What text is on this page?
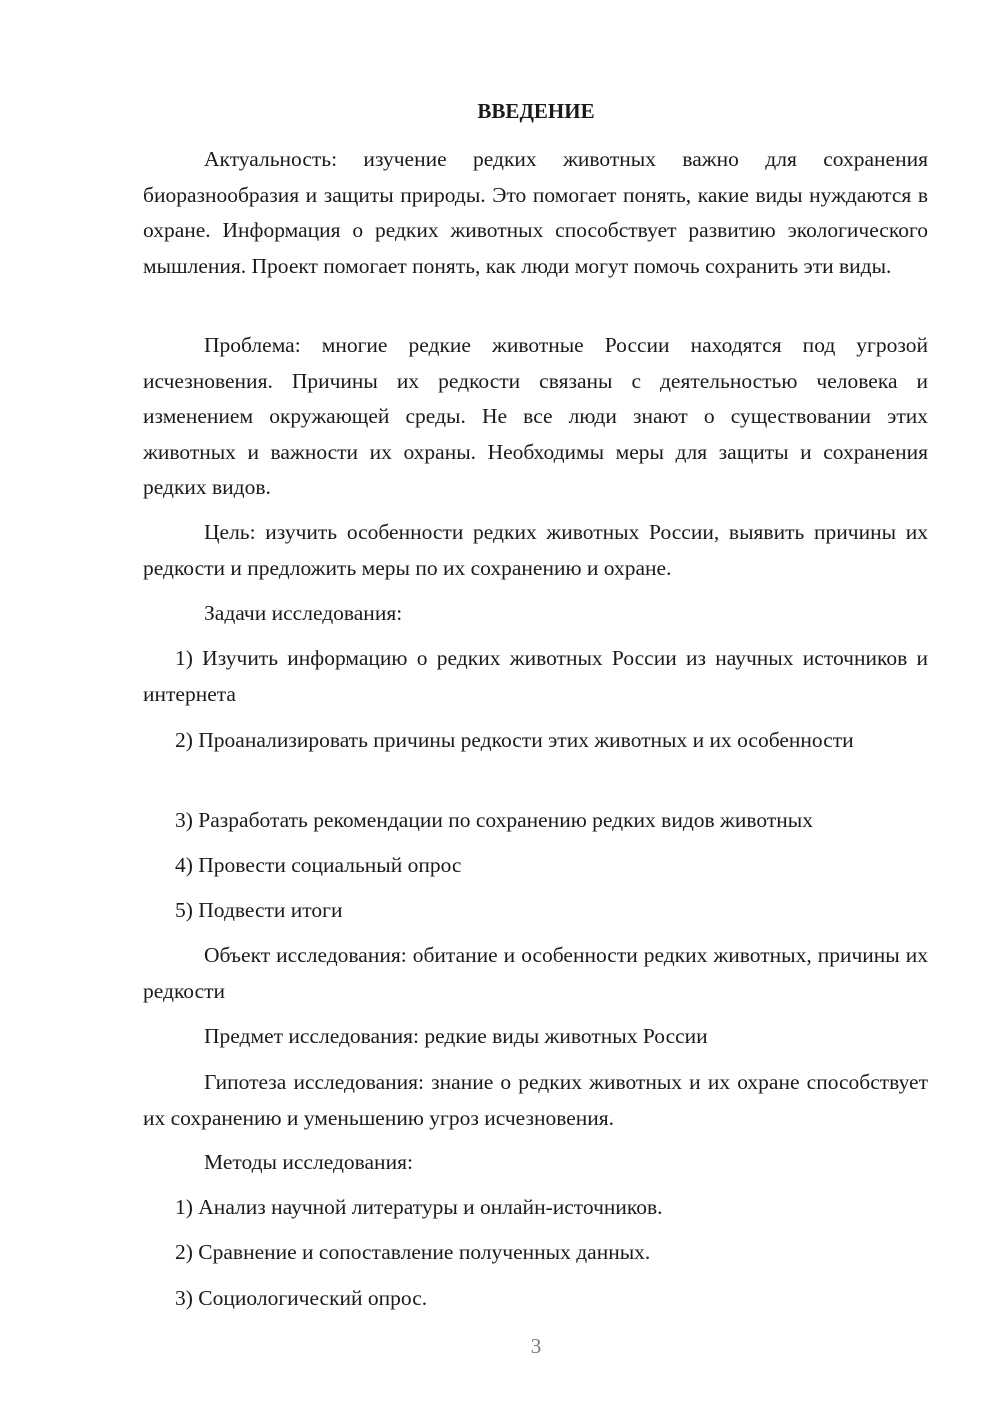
ВВЕДЕНИЕ

Актуальность: изучение редких животных важно для сохранения биоразнообразия и защиты природы. Это помогает понять, какие виды нуждаются в охране. Информация о редких животных способствует развитию экологического мышления. Проект помогает понять, как люди могут помочь сохранить эти виды.

Проблема: многие редкие животные России находятся под угрозой исчезновения. Причины их редкости связаны с деятельностью человека и изменением окружающей среды. Не все люди знают о существовании этих животных и важности их охраны. Необходимы меры для защиты и сохранения редких видов.

Цель: изучить особенности редких животных России, выявить причины их редкости и предложить меры по их сохранению и охране.

Задачи исследования:

1) Изучить информацию о редких животных России из научных источников и интернета

2) Проанализировать причины редкости этих животных и их особенности

3) Разработать рекомендации по сохранению редких видов животных

4) Провести социальный опрос

5) Подвести итоги

Объект исследования: обитание и особенности редких животных, причины их редкости

Предмет исследования: редкие виды животных России

Гипотеза исследования: знание о редких животных и их охране способствует их сохранению и уменьшению угроз исчезновения.

Методы исследования:

1) Анализ научной литературы и онлайн-источников.

2) Сравнение и сопоставление полученных данных.

3) Социологический опрос.

3
